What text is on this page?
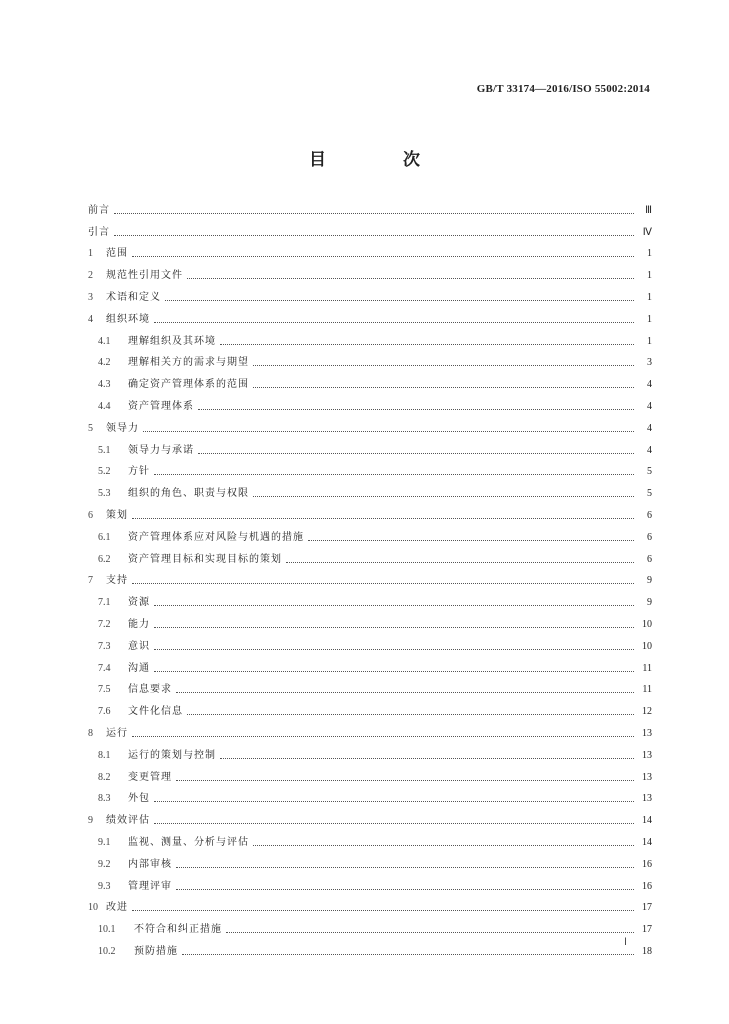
GB/T 33174—2016/ISO 55002:2014
目　次
前言	Ⅲ
引言	Ⅳ
1	范围	1
2	规范性引用文件	1
3	术语和定义	1
4	组织环境	1
4.1	理解组织及其环境	1
4.2	理解相关方的需求与期望	3
4.3	确定资产管理体系的范围	4
4.4	资产管理体系	4
5	领导力	4
5.1	领导力与承诺	4
5.2	方针	5
5.3	组织的角色、职责与权限	5
6	策划	6
6.1	资产管理体系应对风险与机遇的措施	6
6.2	资产管理目标和实现目标的策划	6
7	支持	9
7.1	资源	9
7.2	能力	10
7.3	意识	10
7.4	沟通	11
7.5	信息要求	11
7.6	文件化信息	12
8	运行	13
8.1	运行的策划与控制	13
8.2	变更管理	13
8.3	外包	13
9	绩效评估	14
9.1	监视、测量、分析与评估	14
9.2	内部审核	16
9.3	管理评审	16
10 改进	17
10.1	不符合和纠正措施	17
10.2	预防措施	18
Ⅰ
